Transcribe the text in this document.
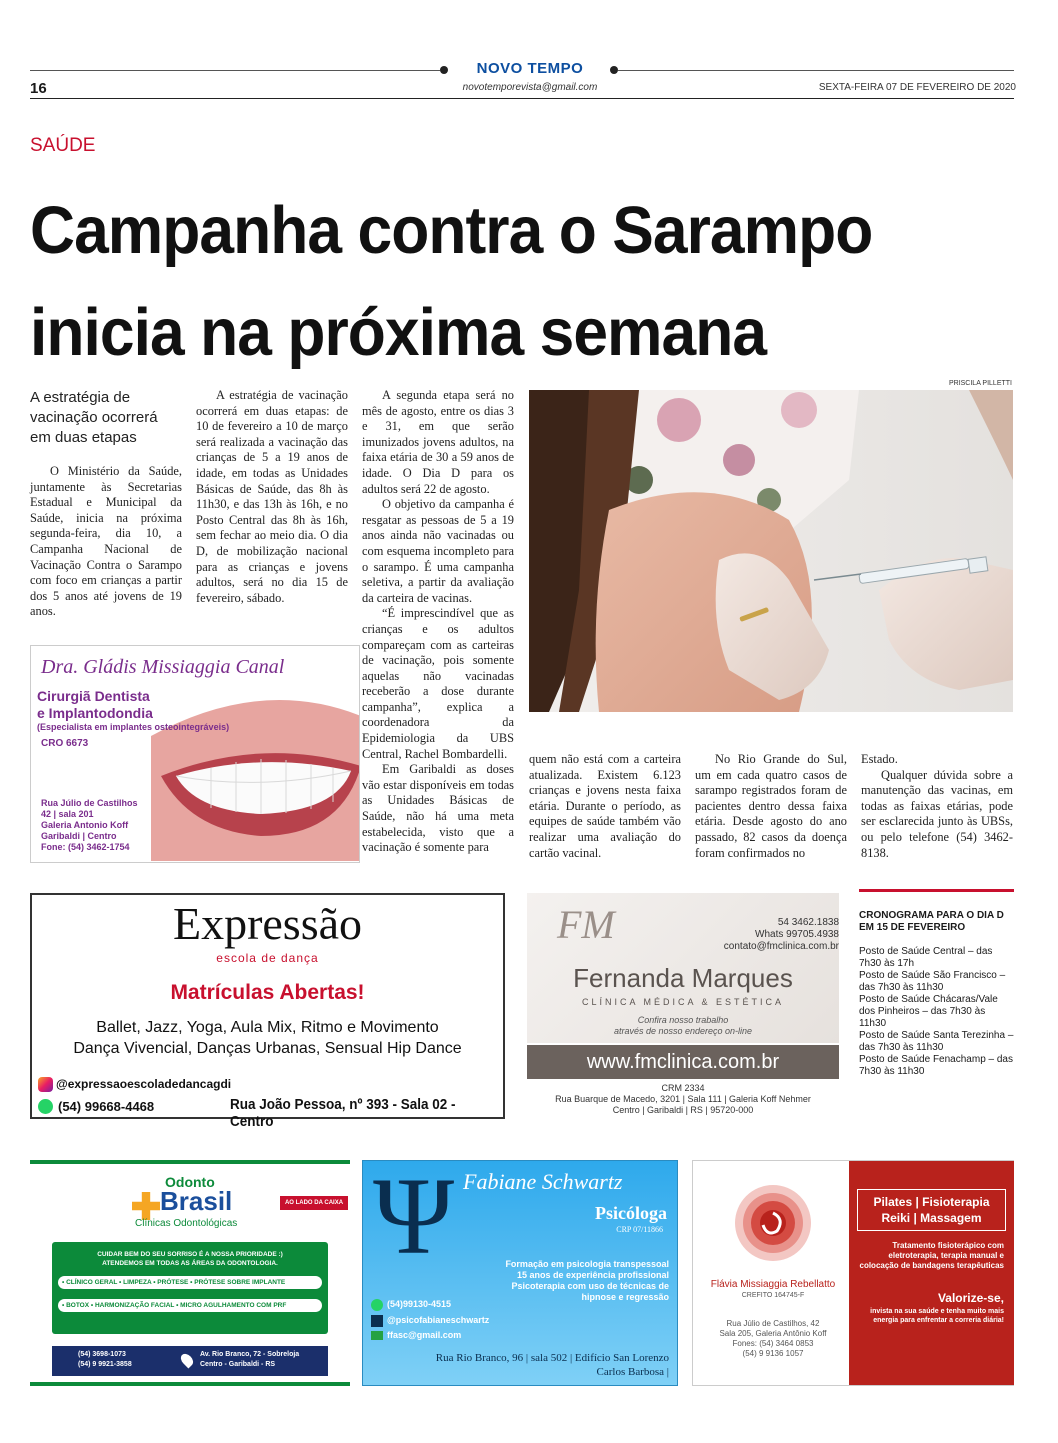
NOVO TEMPO
novotemporevista@gmail.com
16	SEXTA-FEIRA 07 DE FEVEREIRO DE 2020
SAÚDE
Campanha contra o Sarampo
inicia na próxima semana
A estratégia de vacinação ocorrerá em duas etapas

O Ministério da Saúde, juntamente às Secretarias Estadual e Municipal da Saúde, inicia na próxima segunda-feira, dia 10, a Campanha Nacional de Vacinação Contra o Sarampo com foco em crianças a partir dos 5 anos até jovens de 19 anos.

A estratégia de vacinação ocorrerá em duas etapas: de 10 de fevereiro a 10 de março será realizada a vacinação das crianças de 5 a 19 anos de idade, em todas as Unidades Básicas de Saúde, das 8h às 11h30, e das 13h às 16h, e no Posto Central das 8h às 16h, sem fechar ao meio dia. O dia D, de mobilização nacional para as crianças e jovens adultos, será no dia 15 de fevereiro, sábado.

A segunda etapa será no mês de agosto, entre os dias 3 e 31, em que serão imunizados jovens adultos, na faixa etária de 30 a 59 anos de idade. O Dia D para os adultos será 22 de agosto.

O objetivo da campanha é resgatar as pessoas de 5 a 19 anos ainda não vacinadas ou com esquema incompleto para o sarampo. É uma campanha seletiva, a partir da avaliação da carteira de vacinas.

“É imprescindível que as crianças e os adultos compareçam com as carteiras de vacinação, pois somente aquelas não vacinadas receberão a dose durante campanha”, explica a coordenadora da Epidemiologia da UBS Central, Rachel Bombardelli.

Em Garibaldi as doses vão estar disponíveis em todas as Unidades Básicas de Saúde, não há uma meta estabelecida, visto que a vacinação é somente para

quem não está com a carteira atualizada. Existem 6.123 crianças e jovens nesta faixa etária. Durante o período, as equipes de saúde também vão realizar uma avaliação do cartão vacinal.

No Rio Grande do Sul, um em cada quatro casos de sarampo registrados foram de pacientes dentro dessa faixa etária. Desde agosto do ano passado, 82 casos da doença foram confirmados no

Estado.

Qualquer dúvida sobre a manutenção das vacinas, em todas as faixas etárias, pode ser esclarecida junto às UBSs, ou pelo telefone (54) 3462-8138.

PRISCILA PILLETTI
Dra. Gládis Missiaggia Canal
Cirurgiã Dentista
e Implantodondia
(Especialista em implantes osteointegráveis)
CRO 6673
Rua Júlio de Castilhos
42 | sala 201
Galeria Antonio Koff
Garibaldi | Centro
Fone: (54) 3462-1754
Expressão
escola de dança
Matrículas Abertas!
Ballet, Jazz, Yoga, Aula Mix, Ritmo e Movimento
Dança Vivencial, Danças Urbanas, Sensual Hip Dance
@expressaoescoladedancagdi
(54) 99668-4468	Rua João Pessoa, nº 393 - Sala 02 - Centro
FM	54 3462.1838
Whats 99705.4938
contato@fmclinica.com.br
Fernanda Marques
CLÍNICA MÉDICA & ESTÉTICA
Confira nosso trabalho
através de nosso endereço on-line
www.fmclinica.com.br
CRM 2334
Rua Buarque de Macedo, 3201 | Sala 111 | Galeria Koff Nehmer
Centro | Garibaldi | RS | 95720-000
CRONOGRAMA PARA O DIA D EM 15 DE FEVEREIRO
Posto de Saúde Central – das 7h30 às 17h
Posto de Saúde São Francisco – das 7h30 às 11h30
Posto de Saúde Chácaras/Vale dos Pinheiros – das 7h30 às 11h30
Posto de Saúde Santa Terezinha – das 7h30 às 11h30
Posto de Saúde Fenachamp – das 7h30 às 11h30
Odonto
Brasil
Clínicas Odontológicas
AO LADO DA CAIXA
CUIDAR BEM DO SEU SORRISO É A NOSSA PRIORIDADE :)
ATENDEMOS EM TODAS AS ÁREAS DA ODONTOLOGIA.
• CLÍNICO GERAL • LIMPEZA • PRÓTESE • PRÓTESE SOBRE IMPLANTE
• BOTOX • HARMONIZAÇÃO FACIAL • MICRO AGULHAMENTO COM PRF
(54) 3698-1073
(54) 9 9921-3858
Av. Rio Branco, 72 - Sobreloja
Centro - Garibaldi - RS
Ψ Fabiane Schwartz
Psicóloga
CRP 07/11866
Formação em psicologia transpessoal
15 anos de experiência profissional
Psicoterapia com uso de técnicas de
hipnose e regressão
(54)99130-4515
@psicofabianeschwartz
ffasc@gmail.com
Rua Rio Branco, 96 | sala 502 | Edifício San Lorenzo
Carlos Barbosa |
Flávia Missiaggia Rebellatto
CREFITO 164745-F
Rua Júlio de Castilhos, 42
Sala 205, Galeria Antônio Koff
Fones: (54) 3464 0853
(54) 9 9136 1057
Pilates | Fisioterapia
Reiki | Massagem
Tratamento fisioterápico com eletroterapia, terapia manual e colocação de bandagens terapêuticas
Valorize-se,
invista na sua saúde e tenha muito mais energia para enfrentar a correria diária!
